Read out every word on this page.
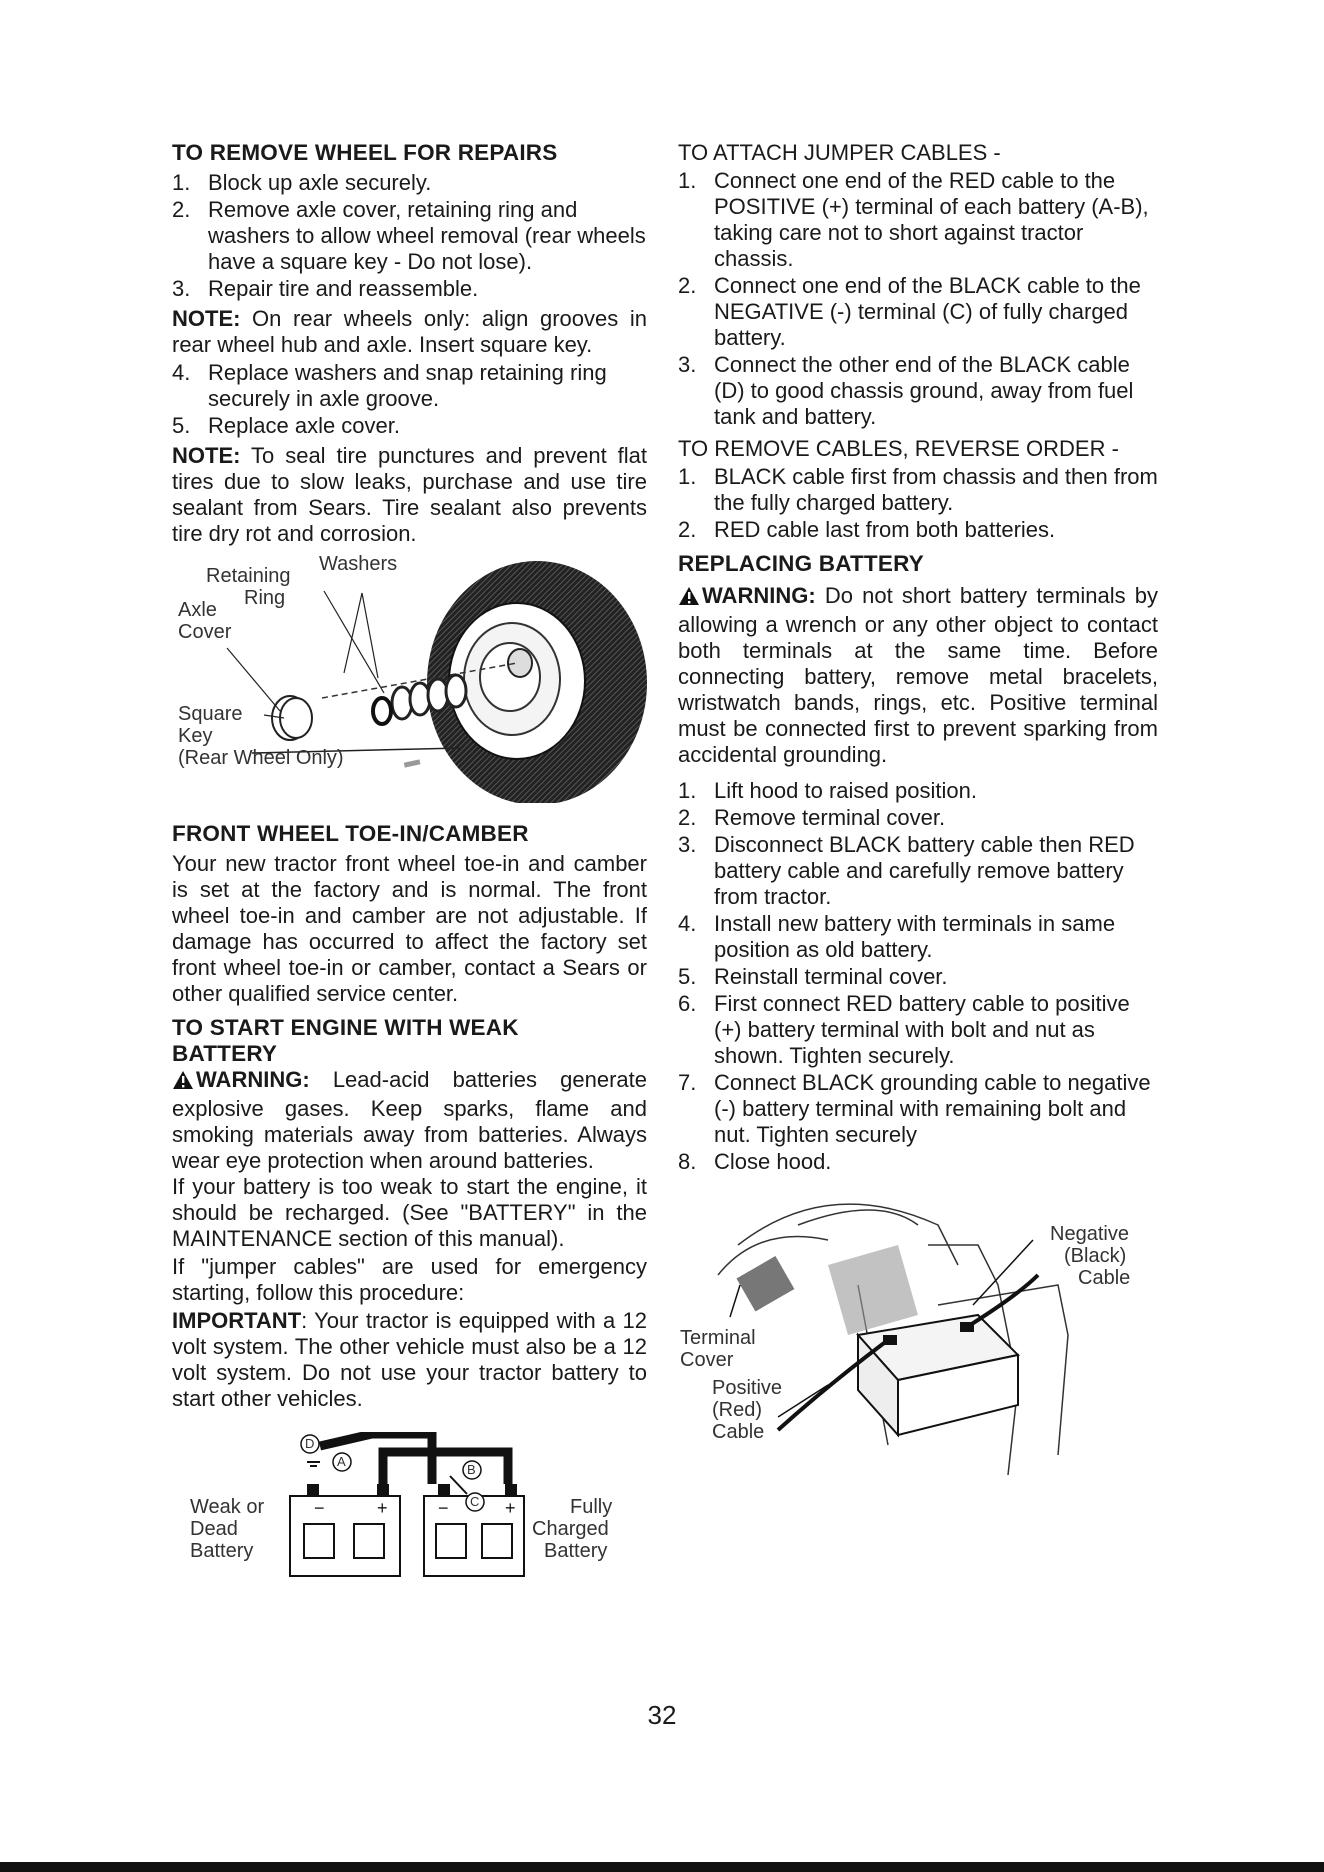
TO REMOVE WHEEL FOR REPAIRS
1. Block up axle securely.
2. Remove axle cover, retaining ring and washers to allow wheel removal (rear wheels have a square key - Do not lose).
3. Repair tire and reassemble.

NOTE: On rear wheels only: align grooves in rear wheel hub and axle. Insert square key.

4. Replace washers and snap retaining ring securely in axle groove.
5. Replace axle cover.

NOTE: To seal tire punctures and prevent flat tires due to slow leaks, purchase and use tire sealant from Sears. Tire sealant also prevents tire dry rot and corrosion.

Washers
Retaining
Ring
Axle
Cover
Square
Key
(Rear Wheel Only)
FRONT WHEEL TOE-IN/CAMBER

Your new tractor front wheel toe-in and camber is set at the factory and is normal. The front wheel toe-in and camber are not adjustable. If damage has occurred to affect the factory set front wheel toe-in or camber, contact a Sears or other qualified service center.

TO START ENGINE WITH WEAK
BATTERY

WARNING: Lead-acid batteries generate explosive gases. Keep sparks, flame and smoking materials away from batteries. Always wear eye protection when around batteries.

If your battery is too weak to start the engine, it should be recharged. (See "BATTERY" in the MAINTENANCE section of this manual).

If "jumper cables" are used for emergency starting, follow this procedure:

IMPORTANT: Your tractor is equipped with a 12 volt system. The other vehicle must also be a 12 volt system. Do not use your tractor battery to start other vehicles.

−	+	−	+
D
A
B
C
Weak or
Dead
Battery
Fully
Charged
Battery
TO ATTACH JUMPER CABLES -
1. Connect one end of the RED cable to the POSITIVE (+) terminal of each battery (A-B), taking care not to short against tractor chassis.
2. Connect one end of the BLACK cable to the NEGATIVE (-) terminal (C) of fully charged battery.
3. Connect the other end of the BLACK cable (D) to good chassis ground, away from fuel tank and battery.
TO REMOVE CABLES, REVERSE ORDER -
1. BLACK cable first from chassis and then from the fully charged battery.
2. RED cable last from both batteries.
REPLACING BATTERY

WARNING: Do not short battery terminals by allowing a wrench or any other object to contact both terminals at the same time. Before connecting battery, remove metal bracelets, wristwatch bands, rings, etc. Positive terminal must be connected first to prevent sparking from accidental grounding.

1. Lift hood to raised position.
2. Remove terminal cover.
3. Disconnect BLACK battery cable then RED battery cable and carefully remove battery from tractor.
4. Install new battery with terminals in same position as old battery.
5. Reinstall terminal cover.
6. First connect RED battery cable to positive (+) battery terminal with bolt and nut as shown. Tighten securely.
7. Connect BLACK grounding cable to negative (-) battery terminal with remaining bolt and nut. Tighten securely
8. Close hood.
Negative
(Black)
Cable
Terminal
Cover
Positive
(Red)
Cable
32
